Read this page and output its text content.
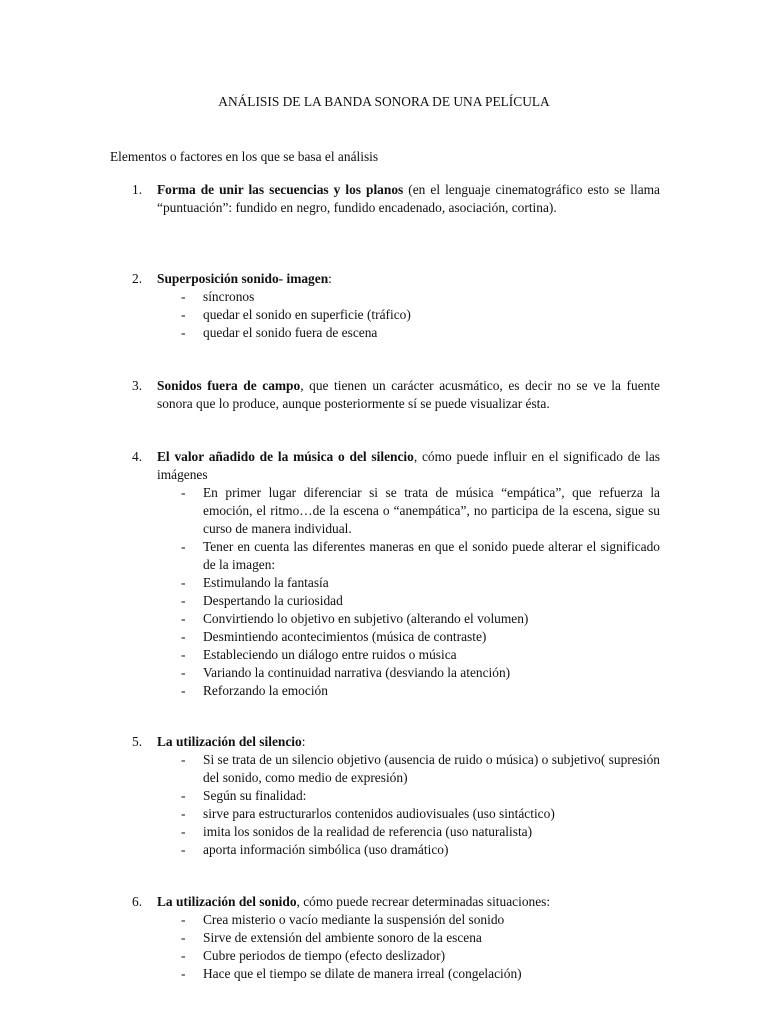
ANÁLISIS DE LA BANDA SONORA DE UNA PELÍCULA
Elementos o factores en los que se basa el análisis
1. Forma de unir las secuencias y los planos (en el lenguaje cinematográfico esto se llama “puntuación”: fundido en negro, fundido encadenado, asociación, cortina).
2. Superposición sonido- imagen:
- síncronos
- quedar el sonido en superficie (tráfico)
- quedar el sonido fuera de escena
3. Sonidos fuera de campo, que tienen un carácter acusmático, es decir no se ve la fuente sonora que lo produce, aunque posteriormente sí se puede visualizar ésta.
4. El valor añadido de la música o del silencio, cómo puede influir en el significado de las imágenes
- En primer lugar diferenciar si se trata de música “empática”, que refuerza la emoción, el ritmo…de la escena o “anempática”, no participa de la escena, sigue su curso de manera individual.
- Tener en cuenta las diferentes maneras en que el sonido puede alterar el significado de la imagen:
- Estimulando la fantasía
- Despertando la curiosidad
- Convirtiendo lo objetivo en subjetivo (alterando el volumen)
- Desmintiendo acontecimientos (música de contraste)
- Estableciendo un diálogo entre ruidos o música
- Variando la continuidad narrativa (desviando la atención)
- Reforzando la emoción
5. La utilización del silencio:
- Si se trata de un silencio objetivo (ausencia de ruido o música) o subjetivo( supresión del sonido, como medio de expresión)
- Según su finalidad:
- sirve para estructurarlos contenidos audiovisuales (uso sintáctico)
- imita los sonidos de la realidad de referencia (uso naturalista)
- aporta información simbólica (uso dramático)
6. La utilización del sonido, cómo puede recrear determinadas situaciones:
- Crea misterio o vacío mediante la suspensión del sonido
- Sirve de extensión del ambiente sonoro de la escena
- Cubre periodos de tiempo (efecto deslizador)
- Hace que el tiempo se dilate de manera irreal (congelación)
